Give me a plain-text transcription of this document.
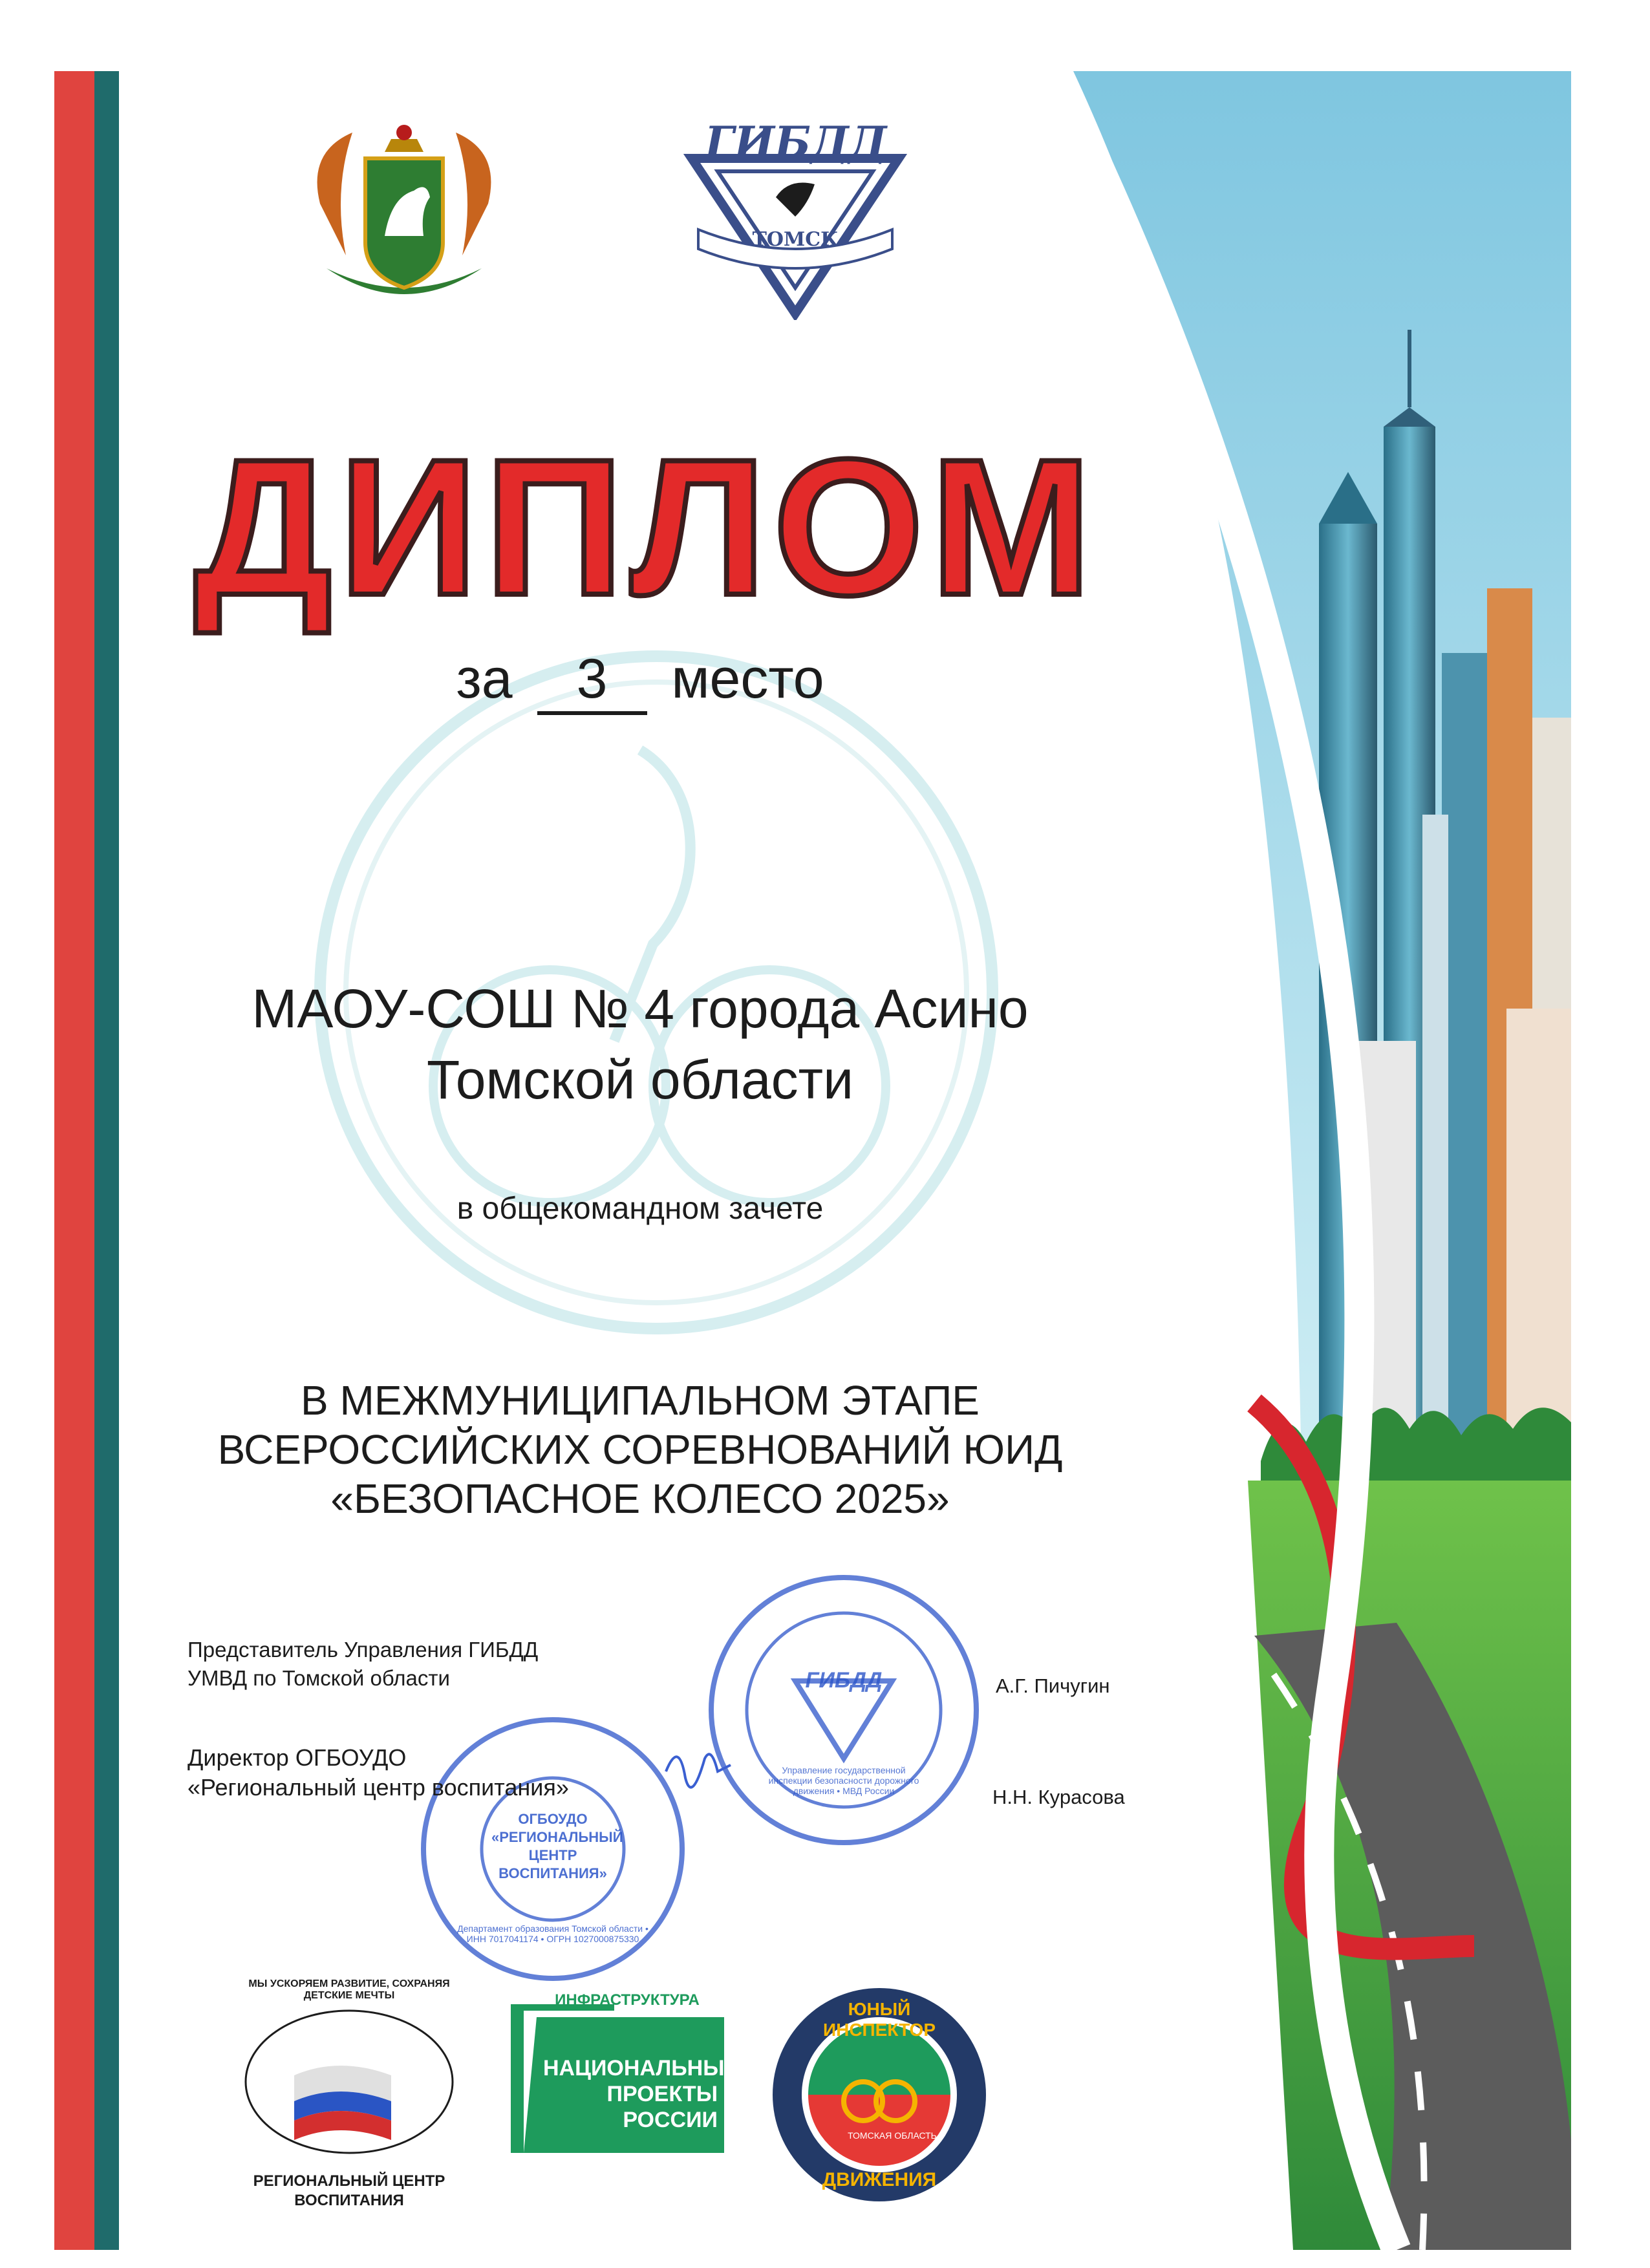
ГИБДД
ТОМСК
ДИПЛОМ
за 3 место
МАОУ-СОШ № 4 города Асино
Томской области
в общекомандном зачете
В МЕЖМУНИЦИПАЛЬНОМ ЭТАПЕ
ВСЕРОССИЙСКИХ СОРЕВНОВАНИЙ ЮИД
«БЕЗОПАСНОЕ КОЛЕСО 2025»
ГИБДД
Управление государственной инспекции безопасности дорожного движения • МВД России
ОГБОУДО «РЕГИОНАЛЬНЫЙ ЦЕНТР ВОСПИТАНИЯ»
Департамент образования Томской области • ИНН 7017041174 • ОГРН 1027000875330
Представитель Управления ГИБДД
УМВД по Томской области	А.Г. Пичугин
Директор ОГБОУДО
«Региональный центр воспитания»	Н.Н. Курасова
МЫ УСКОРЯЕМ РАЗВИТИЕ, СОХРАНЯЯ ДЕТСКИЕ МЕЧТЫ
РЕГИОНАЛЬНЫЙ ЦЕНТР
ВОСПИТАНИЯ
ИНФРАСТРУКТУРА
НАЦИОНАЛЬНЫЕ
ПРОЕКТЫ
РОССИИ
ЮНЫЙ ИНСПЕКТОР
ТОМСКАЯ ОБЛАСТЬ
ДВИЖЕНИЯ
